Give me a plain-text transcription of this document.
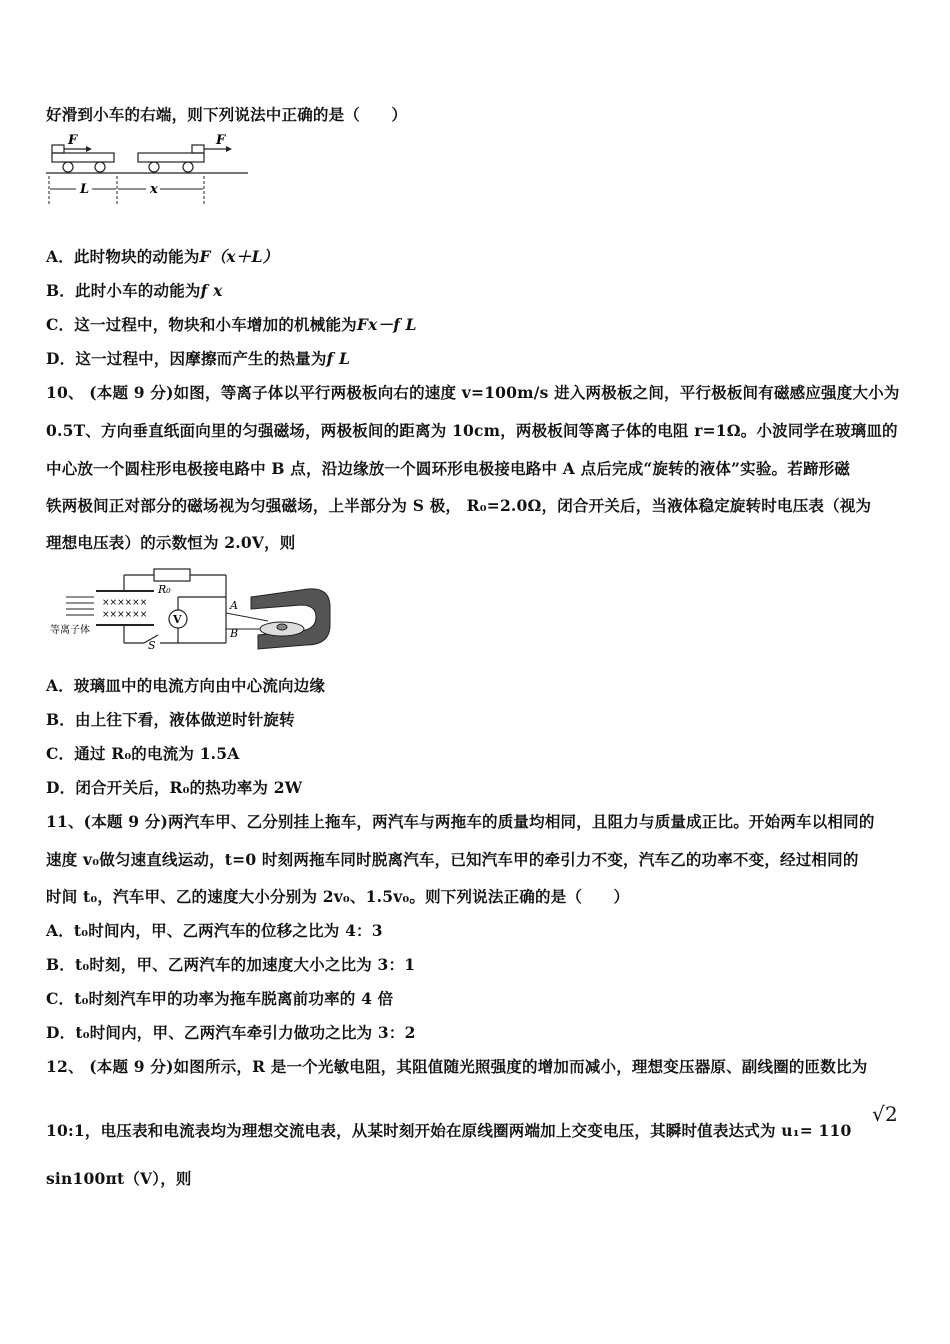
好滑到小车的右端，则下列说法中正确的是（　　）
F	F
L	x
A．此时物块的动能为F（x＋L）
B．此时小车的动能为f x
C．这一过程中，物块和小车增加的机械能为Fx－f L
D．这一过程中，因摩擦而产生的热量为f L
10、 (本题 9 分)如图，等离子体以平行两极板向右的速度 v=100m/s 进入两极板之间，平行极板间有磁感应强度大小为
0.5T、方向垂直纸面向里的匀强磁场，两极板间的距离为 10cm，两极板间等离子体的电阻 r=1Ω。小波同学在玻璃皿的
中心放一个圆柱形电极接电路中 B 点，沿边缘放一个圆环形电极接电路中 A 点后完成“旋转的液体”实验。若蹄形磁
铁两极间正对部分的磁场视为匀强磁场，上半部分为 S 极， R₀=2.0Ω，闭合开关后，当液体稳定旋转时电压表（视为
理想电压表）的示数恒为 2.0V，则
R₀
××××××
××××××
等离子体
S
V
A
B
A．玻璃皿中的电流方向由中心流向边缘
B．由上往下看，液体做逆时针旋转
C．通过 R₀的电流为 1.5A
D．闭合开关后，R₀的热功率为 2W
11、(本题 9 分)两汽车甲、乙分别挂上拖车，两汽车与两拖车的质量均相同，且阻力与质量成正比。开始两车以相同的
速度 v₀做匀速直线运动，t=0 时刻两拖车同时脱离汽车，已知汽车甲的牵引力不变，汽车乙的功率不变，经过相同的
时间 t₀，汽车甲、乙的速度大小分别为 2v₀、1.5v₀。则下列说法正确的是（　　）
A．t₀时间内，甲、乙两汽车的位移之比为 4：3
B．t₀时刻，甲、乙两汽车的加速度大小之比为 3：1
C．t₀时刻汽车甲的功率为拖车脱离前功率的 4 倍
D．t₀时间内，甲、乙两汽车牵引力做功之比为 3：2
12、 (本题 9 分)如图所示，R 是一个光敏电阻，其阻值随光照强度的增加而减小，理想变压器原、副线圈的匝数比为
10:1，电压表和电流表均为理想交流电表，从某时刻开始在原线圈两端加上交变电压，其瞬时值表达式为 u₁= 110
√2
sin100πt（V），则
